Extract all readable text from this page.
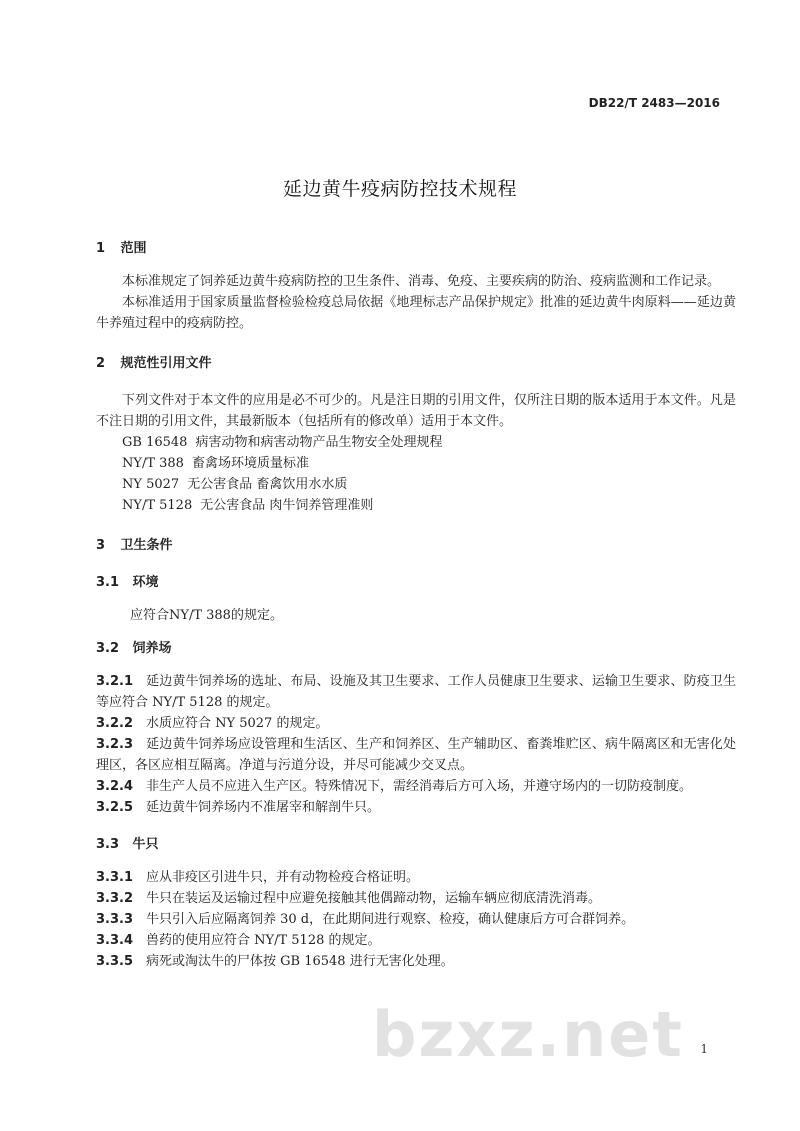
DB22/T 2483—2016
延边黄牛疫病防控技术规程
1 范围

本标准规定了饲养延边黄牛疫病防控的卫生条件、消毒、免疫、主要疾病的防治、疫病监测和工作记录。

本标准适用于国家质量监督检验检疫总局依据《地理标志产品保护规定》批准的延边黄牛肉原料——延边黄牛养殖过程中的疫病防控。

2 规范性引用文件

下列文件对于本文件的应用是必不可少的。凡是注日期的引用文件，仅所注日期的版本适用于本文件。凡是不注日期的引用文件，其最新版本（包括所有的修改单）适用于本文件。

GB 16548 病害动物和病害动物产品生物安全处理规程

NY/T 388 畜禽场环境质量标准

NY 5027 无公害食品 畜禽饮用水水质

NY/T 5128 无公害食品 肉牛饲养管理准则

3 卫生条件
3.1 环境

应符合NY/T 388的规定。

3.2 饲养场

3.2.1 延边黄牛饲养场的选址、布局、设施及其卫生要求、工作人员健康卫生要求、运输卫生要求、防疫卫生等应符合 NY/T 5128 的规定。

3.2.2 水质应符合 NY 5027 的规定。

3.2.3 延边黄牛饲养场应设管理和生活区、生产和饲养区、生产辅助区、畜粪堆贮区、病牛隔离区和无害化处理区，各区应相互隔离。净道与污道分设，并尽可能减少交叉点。

3.2.4 非生产人员不应进入生产区。特殊情况下，需经消毒后方可入场，并遵守场内的一切防疫制度。

3.2.5 延边黄牛饲养场内不准屠宰和解剖牛只。

3.3 牛只

3.3.1 应从非疫区引进牛只，并有动物检疫合格证明。

3.3.2 牛只在装运及运输过程中应避免接触其他偶蹄动物，运输车辆应彻底清洗消毒。

3.3.3 牛只引入后应隔离饲养 30 d，在此期间进行观察、检疫，确认健康后方可合群饲养。

3.3.4 兽药的使用应符合 NY/T 5128 的规定。

3.3.5 病死或淘汰牛的尸体按 GB 16548 进行无害化处理。

bzxz.net 1
